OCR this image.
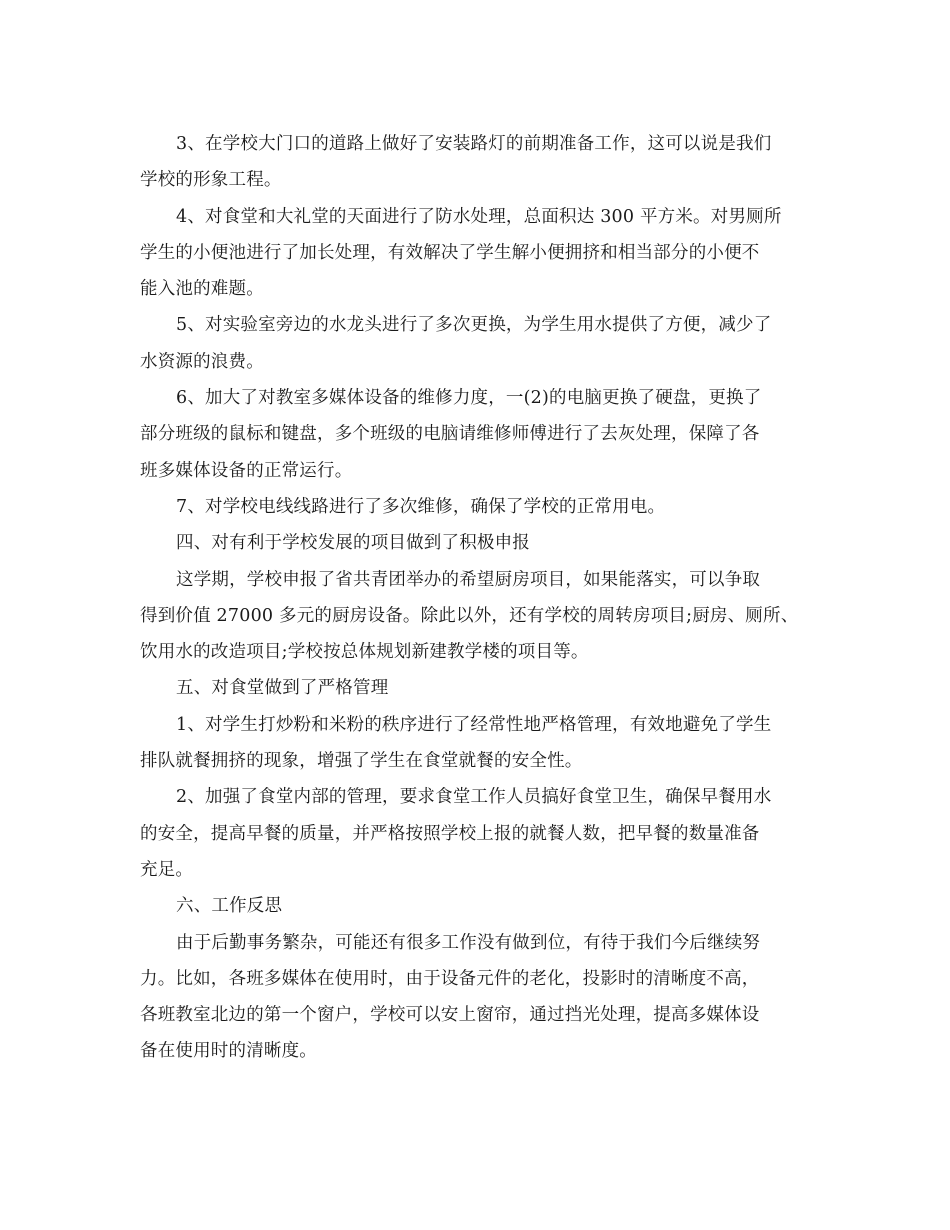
3、在学校大门口的道路上做好了安装路灯的前期准备工作，这可以说是我们
学校的形象工程。
4、对食堂和大礼堂的天面进行了防水处理，总面积达 300 平方米。对男厕所
学生的小便池进行了加长处理，有效解决了学生解小便拥挤和相当部分的小便不
能入池的难题。
5、对实验室旁边的水龙头进行了多次更换，为学生用水提供了方便，减少了
水资源的浪费。
6、加大了对教室多媒体设备的维修力度，一(2)的电脑更换了硬盘，更换了
部分班级的鼠标和键盘，多个班级的电脑请维修师傅进行了去灰处理，保障了各
班多媒体设备的正常运行。
7、对学校电线线路进行了多次维修，确保了学校的正常用电。
四、对有利于学校发展的项目做到了积极申报
这学期，学校申报了省共青团举办的希望厨房项目，如果能落实，可以争取
得到价值 27000 多元的厨房设备。除此以外，还有学校的周转房项目;厨房、厕所、
饮用水的改造项目;学校按总体规划新建教学楼的项目等。
五、对食堂做到了严格管理
1、对学生打炒粉和米粉的秩序进行了经常性地严格管理，有效地避免了学生
排队就餐拥挤的现象，增强了学生在食堂就餐的安全性。
2、加强了食堂内部的管理，要求食堂工作人员搞好食堂卫生，确保早餐用水
的安全，提高早餐的质量，并严格按照学校上报的就餐人数，把早餐的数量准备
充足。
六、工作反思
由于后勤事务繁杂，可能还有很多工作没有做到位，有待于我们今后继续努
力。比如，各班多媒体在使用时，由于设备元件的老化，投影时的清晰度不高，
各班教室北边的第一个窗户，学校可以安上窗帘，通过挡光处理，提高多媒体设
备在使用时的清晰度。
